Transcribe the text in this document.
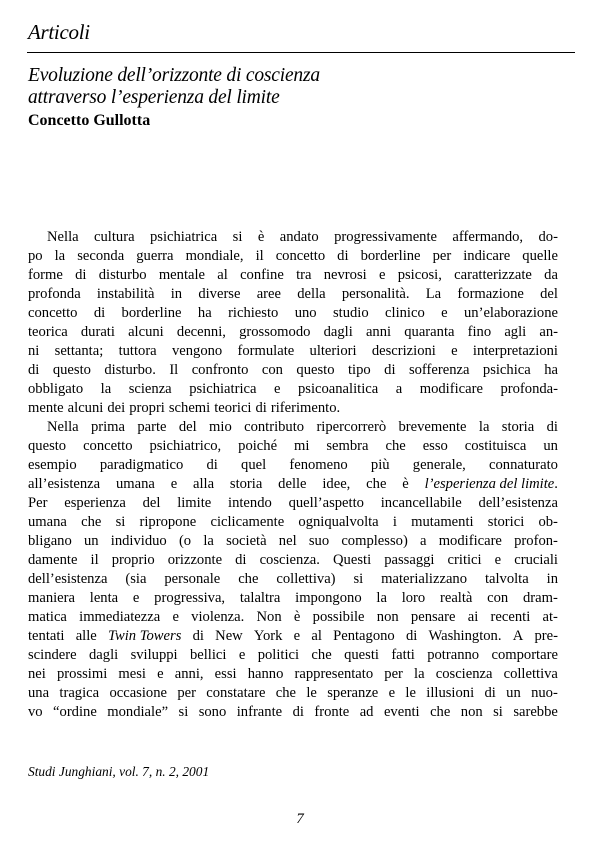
Articoli
Evoluzione dell’orizzonte di coscienza
attraverso l’esperienza del limite
Concetto Gullotta
Nella cultura psichiatrica si è andato progressivamente affermando, do-
po la seconda guerra mondiale, il concetto di borderline per indicare quelle
forme di disturbo mentale al confine tra nevrosi e psicosi, caratterizzate da
profonda instabilità in diverse aree della personalità. La formazione del
concetto di borderline ha richiesto uno studio clinico e un’elaborazione
teorica durati alcuni decenni, grossomodo dagli anni quaranta fino agli an-
ni settanta; tuttora vengono formulate ulteriori descrizioni e interpretazioni
di questo disturbo. Il confronto con questo tipo di sofferenza psichica ha
obbligato la scienza psichiatrica e psicoanalitica a modificare profonda-
mente alcuni dei propri schemi teorici di riferimento.
Nella prima parte del mio contributo ripercorrerò brevemente la storia di
questo concetto psichiatrico, poiché mi sembra che esso costituisca un
esempio paradigmatico di quel fenomeno più generale, connaturato
all’esistenza umana e alla storia delle idee, che è l’esperienza del limite.
Per esperienza del limite intendo quell’aspetto incancellabile dell’esistenza
umana che si ripropone ciclicamente ogniqualvolta i mutamenti storici ob-
bligano un individuo (o la società nel suo complesso) a modificare profon-
damente il proprio orizzonte di coscienza. Questi passaggi critici e cruciali
dell’esistenza (sia personale che collettiva) si materializzano talvolta in
maniera lenta e progressiva, talaltra impongono la loro realtà con dram-
matica immediatezza e violenza. Non è possibile non pensare ai recenti at-
tentati alle Twin Towers di New York e al Pentagono di Washington. A pre-
scindere dagli sviluppi bellici e politici che questi fatti potranno comportare
nei prossimi mesi e anni, essi hanno rappresentato per la coscienza collettiva
una tragica occasione per constatare che le speranze e le illusioni di un nuo-
vo “ordine mondiale” si sono infrante di fronte ad eventi che non si sarebbe
Studi Junghiani, vol. 7, n. 2, 2001
7
